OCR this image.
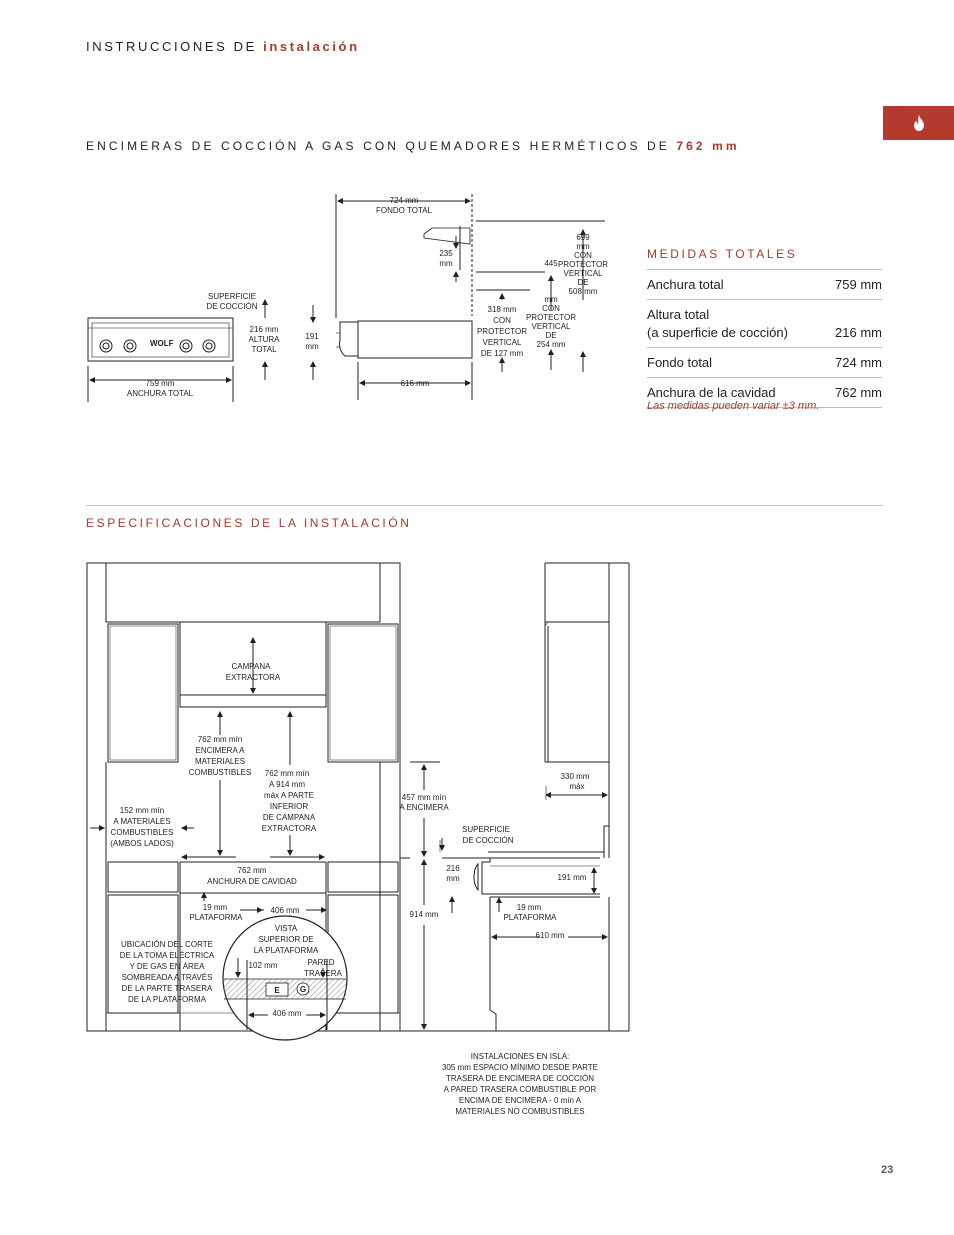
INSTRUCCIONES DE instalación
ENCIMERAS DE COCCIÓN A GAS CON QUEMADORES HERMÉTICOS DE 762 mm
MEDIDAS TOTALES
Anchura total	759 mm
Altura total
(a superficie de cocción)	216 mm
Fondo total	724 mm
Anchura de la cavidad	762 mm
Las medidas pueden variar ±3 mm.
ESPECIFICACIONES DE LA INSTALACIÓN
23
WOLF
724 mm
FONDO TOTAL
SUPERFICIE
DE COCCIÓN
216 mm
ALTURA
TOTAL
191
mm
759 mm
ANCHURA TOTAL
616 mm
235
mm
699
mm
CON
PROTECTOR
VERTICAL
DE
508 mm
445
mm
CON
PROTECTOR
VERTICAL
DE
254 mm
318 mm
CON
PROTECTOR
VERTICAL
DE 127 mm
CAMPANA
EXTRACTORA
762 mm mín
ENCIMERA A
MATERIALES
COMBUSTIBLES 762 mm mín
A 914 mm
máx A PARTE
INFERIOR
DE CAMPANA
EXTRACTORA
152 mm mín
A MATERIALES
COMBUSTIBLES
(AMBOS LADOS)
762 mm
ANCHURA DE CAVIDAD
19 mm
PLATAFORMA
406 mm
UBICACIÓN DEL CORTE
DE LA TOMA ELÉCTRICA
Y DE GAS EN ÁREA
SOMBREADA A TRAVÉS
DE LA PARTE TRASERA
DE LA PLATAFORMA
VISTA
SUPERIOR DE
LA PLATAFORMA
102 mm	PARED
TRASERA
E	G
406 mm
457 mm mín
A ENCIMERA
914 mm
330 mm
máx
SUPERFICIE
DE COCCIÓN
216
mm	191 mm
19 mm
PLATAFORMA
610 mm
INSTALACIONES EN ISLA:
305 mm ESPACIO MÍNIMO DESDE PARTE
TRASERA DE ENCIMERA DE COCCIÓN
A PARED TRASERA COMBUSTIBLE POR
ENCIMA DE ENCIMERA - 0 mín A
MATERIALES NO COMBUSTIBLES
